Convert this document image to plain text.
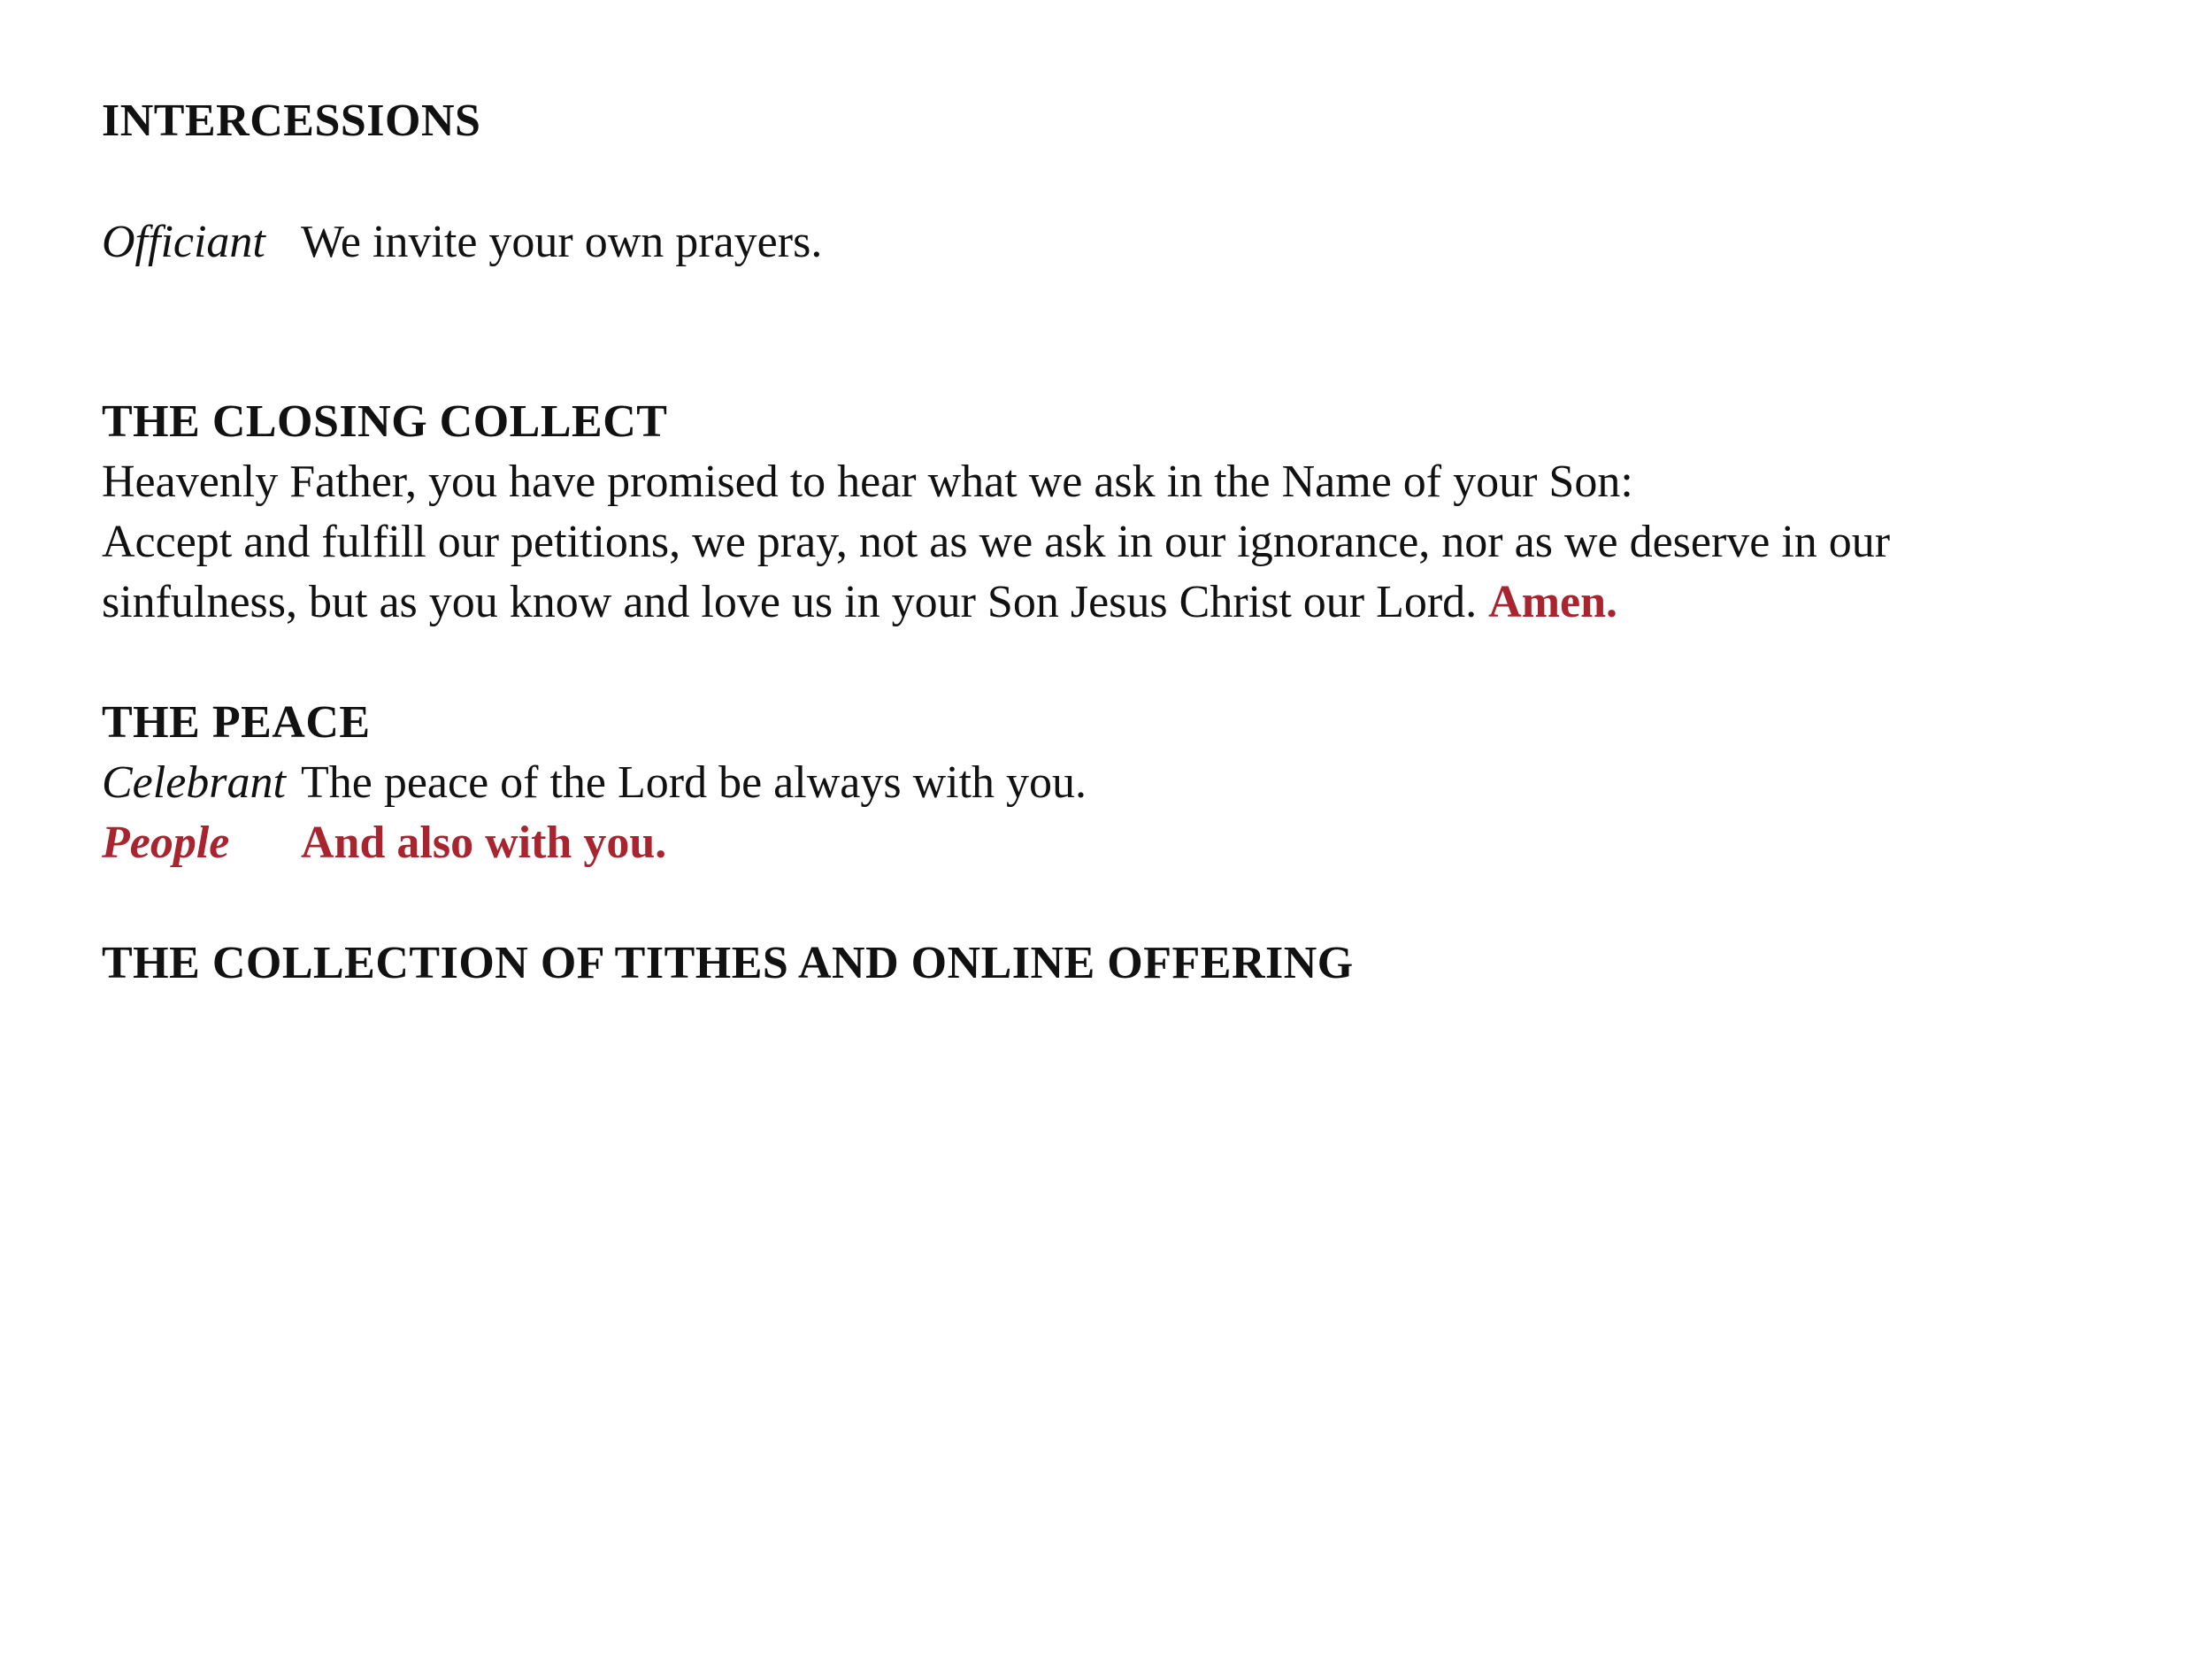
INTERCESSIONS
Officiant We invite your own prayers.
THE CLOSING COLLECT
Heavenly Father, you have promised to hear what we ask in the Name of your Son:
Accept and fulfill our petitions, we pray, not as we ask in our ignorance, nor as we deserve in our
sinfulness, but as you know and love us in your Son Jesus Christ our Lord. Amen.
THE PEACE
Celebrant The peace of the Lord be always with you.
People And also with you.
THE COLLECTION OF TITHES AND ONLINE OFFERING
